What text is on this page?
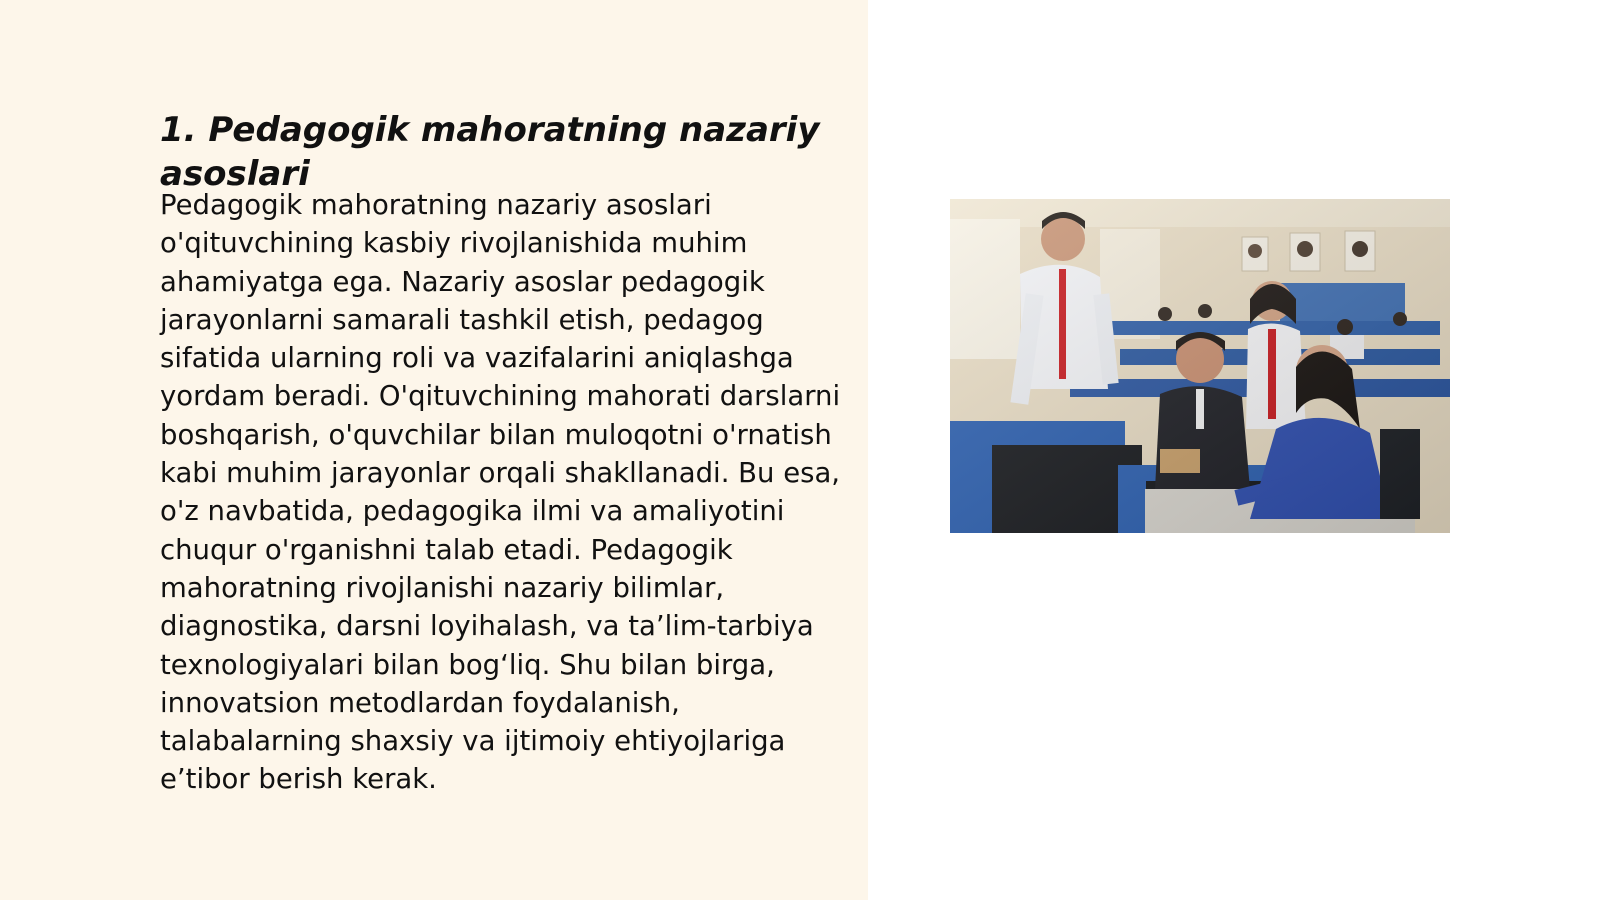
1. Pedagogik mahoratning nazariy asoslari

Pedagogik mahoratning nazariy asoslari o'qituvchining kasbiy rivojlanishida muhim ahamiyatga ega. Nazariy asoslar pedagogik jarayonlarni samarali tashkil etish, pedagog sifatida ularning roli va vazifalarini aniqlashga yordam beradi. O'qituvchining mahorati darslarni boshqarish, o'quvchilar bilan muloqotni o'rnatish kabi muhim jarayonlar orqali shakllanadi. Bu esa, o'z navbatida, pedagogika ilmi va amaliyotini chuqur o'rganishni talab etadi. Pedagogik mahoratning rivojlanishi nazariy bilimlar, diagnostika, darsni loyihalash, va ta’lim-tarbiya texnologiyalari bilan bog‘liq. Shu bilan birga, innovatsion metodlardan foydalanish, talabalarning shaxsiy va ijtimoiy ehtiyojlariga e’tibor berish kerak.
